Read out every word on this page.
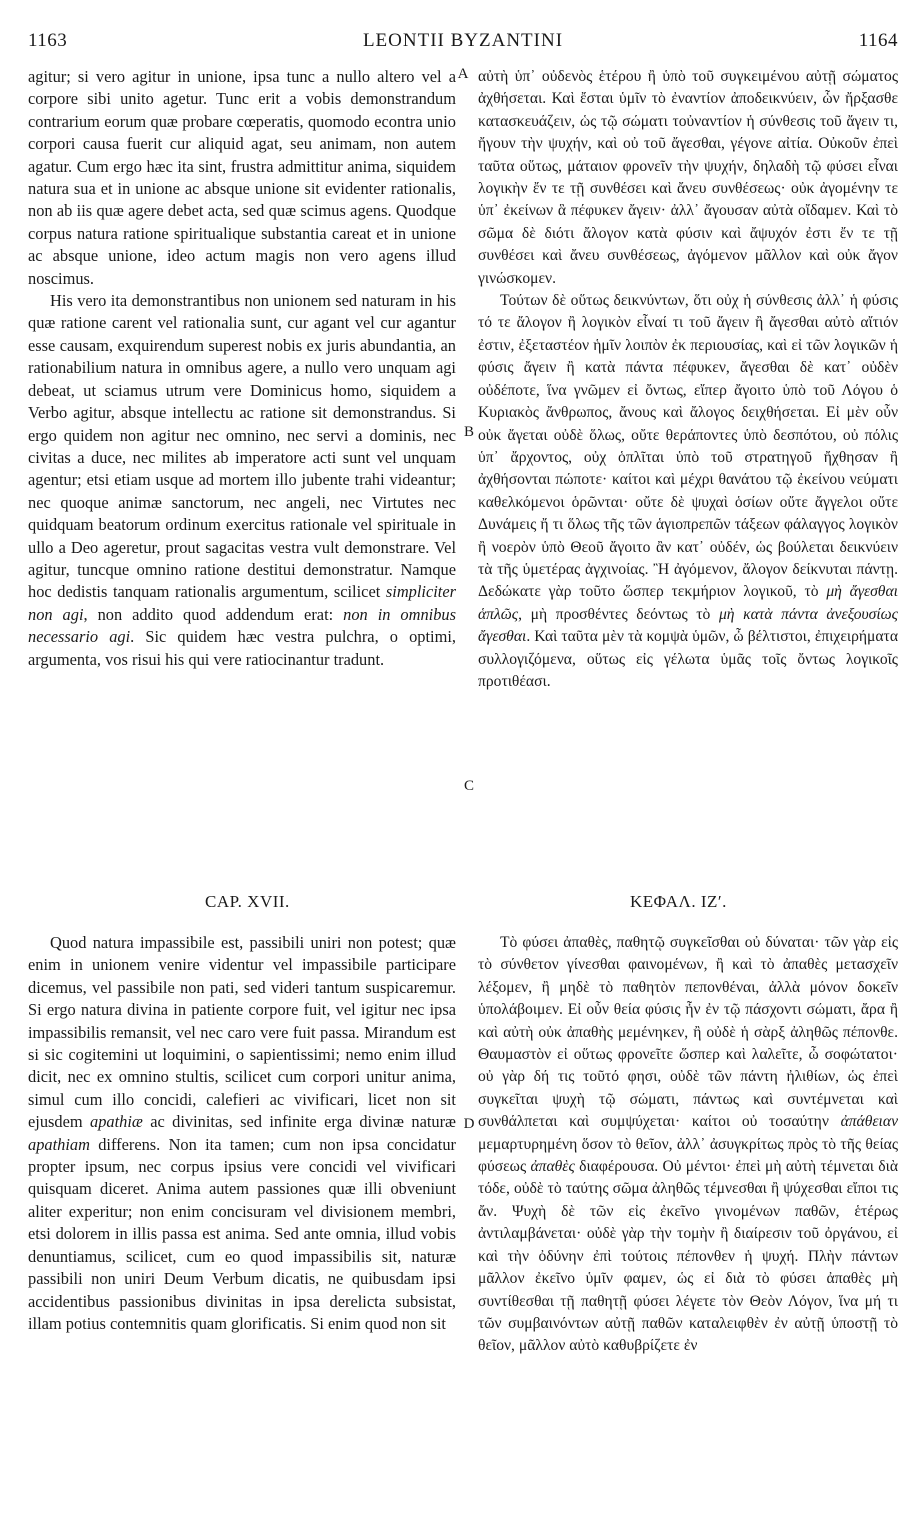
1163	LEONTII BYZANTINI	1164
A
B
C
D

agitur; si vero agitur in unione, ipsa tunc a nullo altero vel a corpore sibi unito agetur. Tunc erit a vobis demonstrandum contrarium eorum quæ probare cœperatis, quomodo econtra unio corpori causa fuerit cur aliquid agat, seu animam, non autem agatur. Cum ergo hæc ita sint, frustra admittitur anima, siquidem natura sua et in unione ac absque unione sit evidenter rationalis, non ab iis quæ agere debet acta, sed quæ scimus agens. Quodque corpus natura ratione spiritualique substantia careat et in unione ac absque unione, ideo actum magis non vero agens illud noscimus.

His vero ita demonstrantibus non unionem sed naturam in his quæ ratione carent vel rationalia sunt, cur agant vel cur agantur esse causam, exquirendum superest nobis ex juris abundantia, an rationabilium natura in omnibus agere, a nullo vero unquam agi debeat, ut sciamus utrum vere Dominicus homo, siquidem a Verbo agitur, absque intellectu ac ratione sit demonstrandus. Si ergo quidem non agitur nec omnino, nec servi a dominis, nec civitas a duce, nec milites ab imperatore acti sunt vel unquam agentur; etsi etiam usque ad mortem illo jubente trahi videantur; nec quoque animæ sanctorum, nec angeli, nec Virtutes nec quidquam beatorum ordinum exercitus rationale vel spirituale in ullo a Deo ageretur, prout sagacitas vestra vult demonstrare. Vel agitur, tuncque omnino ratione destitui demonstratur. Namque hoc dedistis tanquam rationalis argumentum, scilicet simpliciter non agi, non addito quod addendum erat: non in omnibus necessario agi. Sic quidem hæc vestra pulchra, o optimi, argumenta, vos risui his qui vere ratiocinantur tradunt.

CAP. XVII.

Quod natura impassibile est, passibili uniri non potest; quæ enim in unionem venire videntur vel impassibile participare dicemus, vel passibile non pati, sed videri tantum suspicaremur. Si ergo natura divina in patiente corpore fuit, vel igitur nec ipsa impassibilis remansit, vel nec caro vere fuit passa. Mirandum est si sic cogitemini ut loquimini, o sapientissimi; nemo enim illud dicit, nec ex omnino stultis, scilicet cum corpori unitur anima, simul cum illo concidi, calefieri ac vivificari, licet non sit ejusdem apathiæ ac divinitas, sed infinite erga divinæ naturæ apathiam differens. Non ita tamen; cum non ipsa concidatur propter ipsum, nec corpus ipsius vere concidi vel vivificari quisquam diceret. Anima autem passiones quæ illi obveniunt aliter experitur; non enim concisuram vel divisionem membri, etsi dolorem in illis passa est anima. Sed ante omnia, illud vobis denuntiamus, scilicet, cum eo quod impassibilis sit, naturæ passibili non uniri Deum Verbum dicatis, ne quibusdam ipsi accidentibus passionibus divinitas in ipsa derelicta subsistat, illam potius contemnitis quam glorificatis. Si enim quod non sit

αὐτὴ ὑπ᾽ οὐδενὸς ἑτέρου ἢ ὑπὸ τοῦ συγκειμένου αὐτῇ σώματος ἀχθήσεται. Καὶ ἔσται ὑμῖν τὸ ἐναντίον ἀποδεικνύειν, ὧν ἤρξασθε κατασκευάζειν, ὡς τῷ σώματι τοὐναντίον ἡ σύνθεσις τοῦ ἄγειν τι, ἤγουν τὴν ψυχήν, καὶ οὐ τοῦ ἄγεσθαι, γέγονε αἰτία. Οὐκοῦν ἐπεὶ ταῦτα οὕτως, μάταιον φρονεῖν τὴν ψυχήν, δηλαδὴ τῷ φύσει εἶναι λογικὴν ἔν τε τῇ συνθέσει καὶ ἄνευ συνθέσεως· οὐκ ἀγομένην τε ὑπ᾽ ἐκείνων ἃ πέφυκεν ἄγειν· ἀλλ᾽ ἄγουσαν αὐτὰ οἴδαμεν. Καὶ τὸ σῶμα δὲ διότι ἄλογον κατὰ φύσιν καὶ ἄψυχόν ἐστι ἔν τε τῇ συνθέσει καὶ ἄνευ συνθέσεως, ἀγόμενον μᾶλλον καὶ οὐκ ἄγον γινώσκομεν.

Τούτων δὲ οὕτως δεικνύντων, ὅτι οὐχ ἡ σύνθεσις ἀλλ᾽ ἡ φύσις τό τε ἄλογον ἢ λογικὸν εἶναί τι τοῦ ἄγειν ἢ ἄγεσθαι αὐτὸ αἴτιόν ἐστιν, ἐξεταστέον ἡμῖν λοιπὸν ἐκ περιουσίας, καὶ εἰ τῶν λογικῶν ἡ φύσις ἄγειν ἢ κατὰ πάντα πέφυκεν, ἄγεσθαι δὲ κατ᾽ οὐδὲν οὐδέποτε, ἵνα γνῶμεν εἰ ὄντως, εἴπερ ἄγοιτο ὑπὸ τοῦ Λόγου ὁ Κυριακὸς ἄνθρωπος, ἄνους καὶ ἄλογος δειχθήσεται. Εἰ μὲν οὖν οὐκ ἄγεται οὐδὲ ὅλως, οὔτε θεράποντες ὑπὸ δεσπότου, οὐ πόλις ὑπ᾽ ἄρχοντος, οὐχ ὁπλῖται ὑπὸ τοῦ στρατηγοῦ ἤχθησαν ἢ ἀχθήσονται πώποτε· καίτοι καὶ μέχρι θανάτου τῷ ἐκείνου νεύματι καθελκόμενοι ὁρῶνται· οὔτε δὲ ψυχαὶ ὁσίων οὔτε ἄγγελοι οὔτε Δυνάμεις ἤ τι ὅλως τῆς τῶν ἁγιοπρεπῶν τάξεων φάλαγγος λογικὸν ἢ νοερὸν ὑπὸ Θεοῦ ἄγοιτο ἂν κατ᾽ οὐδέν, ὡς βούλεται δεικνύειν τὰ τῆς ὑμετέρας ἀγχινοίας. Ἢ ἀγόμενον, ἄλογον δείκνυται πάντῃ. Δεδώκατε γὰρ τοῦτο ὥσπερ τεκμήριον λογικοῦ, τὸ μὴ ἄγεσθαι ἁπλῶς, μὴ προσθέντες δεόντως τὸ μὴ κατὰ πάντα ἀνεξουσίως ἄγεσθαι. Καὶ ταῦτα μὲν τὰ κομψὰ ὑμῶν, ὦ βέλτιστοι, ἐπιχειρήματα συλλογιζόμενα, οὕτως εἰς γέλωτα ὑμᾶς τοῖς ὄντως λογικοῖς προτιθέασι.

ΚΕΦΑΛ. ΙΖʹ.

Τὸ φύσει ἀπαθὲς, παθητῷ συγκεῖσθαι οὐ δύναται· τῶν γὰρ εἰς τὸ σύνθετον γίνεσθαι φαινομένων, ἢ καὶ τὸ ἀπαθὲς μετασχεῖν λέξομεν, ἢ μηδὲ τὸ παθητὸν πεπονθέναι, ἀλλὰ μόνον δοκεῖν ὑπολάβοιμεν. Εἰ οὖν θεία φύσις ἦν ἐν τῷ πάσχοντι σώματι, ἄρα ἢ καὶ αὐτὴ οὐκ ἀπαθὴς μεμένηκεν, ἢ οὐδὲ ἡ σὰρξ ἀληθῶς πέπονθε. Θαυμαστὸν εἰ οὕτως φρονεῖτε ὥσπερ καὶ λαλεῖτε, ὦ σοφώτατοι· οὐ γὰρ δή τις τοῦτό φησι, οὐδὲ τῶν πάντη ἠλιθίων, ὡς ἐπεὶ συγκεῖται ψυχὴ τῷ σώματι, πάντως καὶ συντέμνεται καὶ συνθάλπεται καὶ συμψύχεται· καίτοι οὐ τοσαύτην ἀπάθειαν μεμαρτυρημένη ὅσον τὸ θεῖον, ἀλλ᾽ ἀσυγκρίτως πρὸς τὸ τῆς θείας φύσεως ἀπαθὲς διαφέρουσα. Οὐ μέντοι· ἐπεὶ μὴ αὐτὴ τέμνεται διὰ τόδε, οὐδὲ τὸ ταύτης σῶμα ἀληθῶς τέμνεσθαι ἢ ψύχεσθαι εἴποι τις ἄν. Ψυχὴ δὲ τῶν εἰς ἐκεῖνο γινομένων παθῶν, ἑτέρως ἀντιλαμβάνεται· οὐδὲ γὰρ τὴν τομὴν ἢ διαίρεσιν τοῦ ὀργάνου, εἰ καὶ τὴν ὀδύνην ἐπὶ τούτοις πέπονθεν ἡ ψυχή. Πλὴν πάντων μᾶλλον ἐκεῖνο ὑμῖν φαμεν, ὡς εἰ διὰ τὸ φύσει ἀπαθὲς μὴ συντίθεσθαι τῇ παθητῇ φύσει λέγετε τὸν Θεὸν Λόγον, ἵνα μή τι τῶν συμβαινόντων αὐτῇ παθῶν καταλειφθὲν ἐν αὐτῇ ὑποστῇ τὸ θεῖον, μᾶλλον αὐτὸ καθυβρίζετε ἐν
